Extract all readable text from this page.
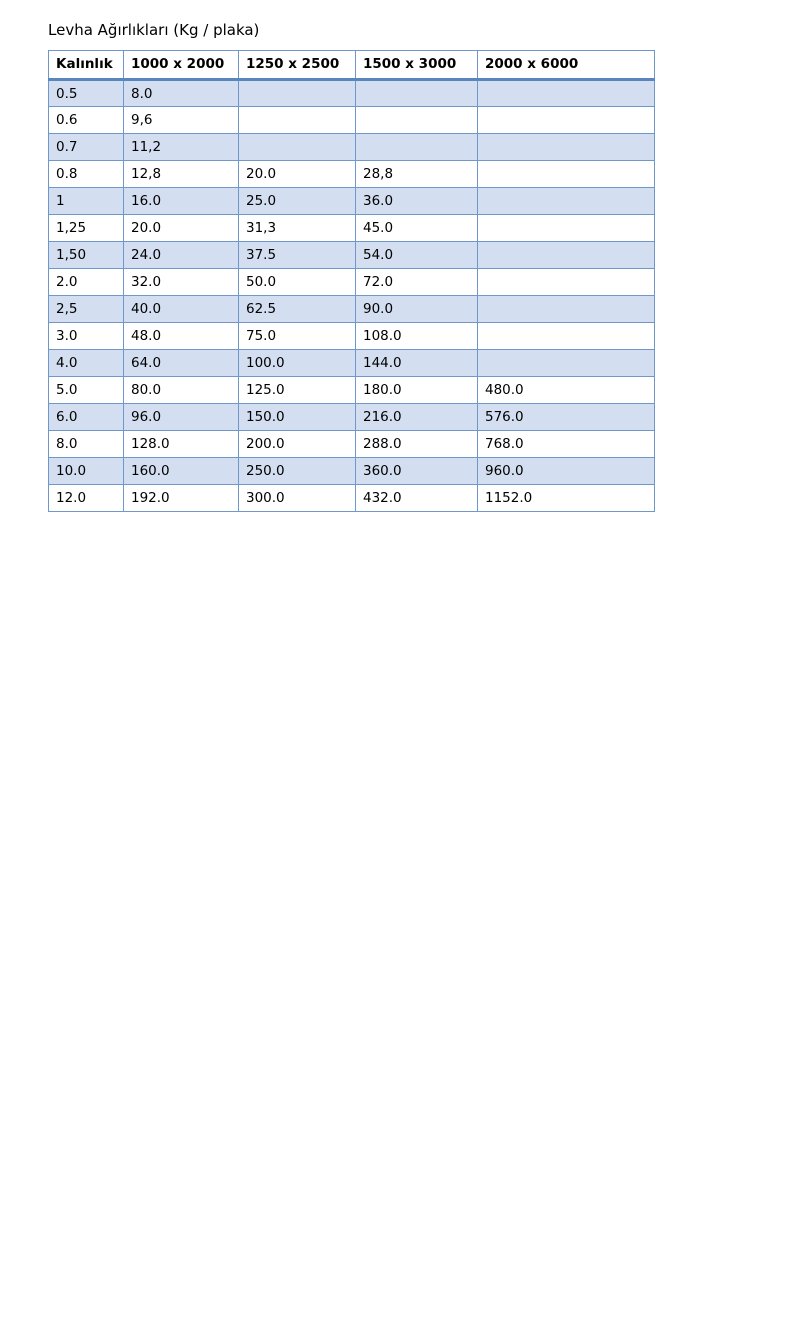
Levha Ağırlıkları (Kg / plaka)
Kalınlık	1000 x 2000	1250 x 2500	1500 x 3000	2000 x 6000
0.5	8.0			
0.6	9,6			
0.7	11,2			
0.8	12,8	20.0	28,8	
1	16.0	25.0	36.0	
1,25	20.0	31,3	45.0	
1,50	24.0	37.5	54.0	
2.0	32.0	50.0	72.0	
2,5	40.0	62.5	90.0	
3.0	48.0	75.0	108.0	
4.0	64.0	100.0	144.0	
5.0	80.0	125.0	180.0	480.0
6.0	96.0	150.0	216.0	576.0
8.0	128.0	200.0	288.0	768.0
10.0	160.0	250.0	360.0	960.0
12.0	192.0	300.0	432.0	1152.0
